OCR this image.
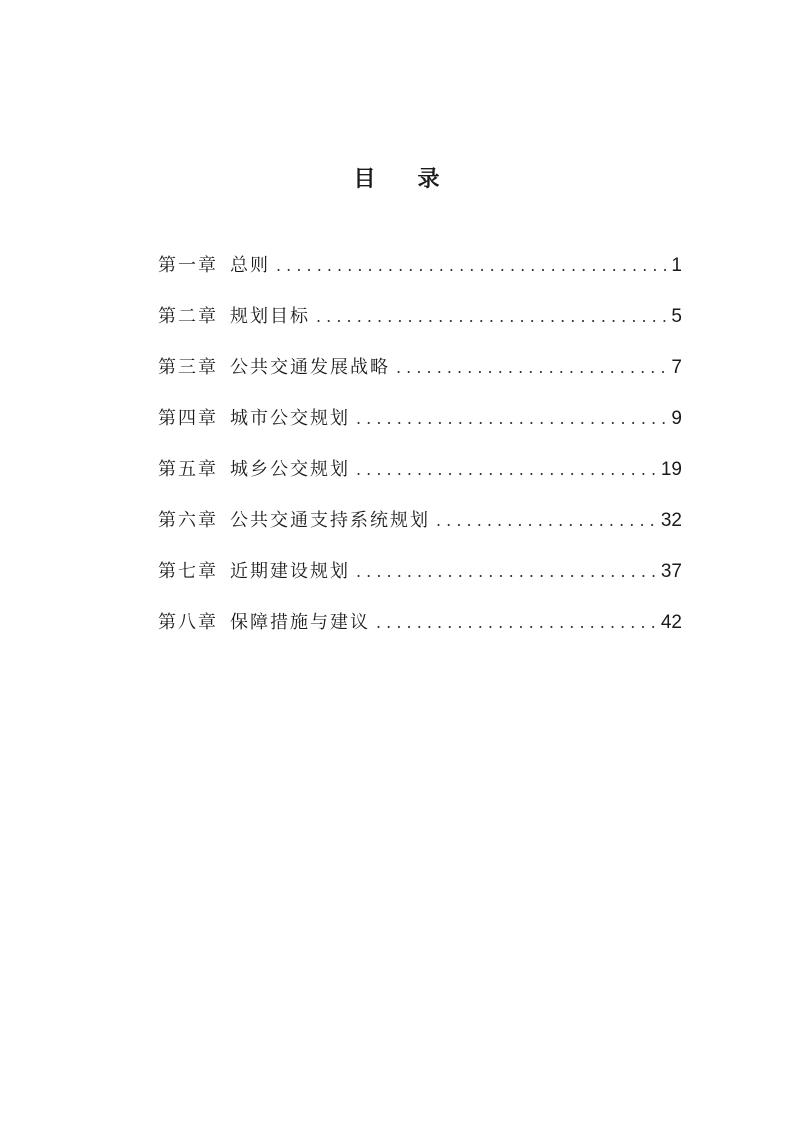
目 录
第一章 总则 . . .	1
第二章 规划目标 . . .	5
第三章 公共交通发展战略 . . .	7
第四章 城市公交规划 . . .	9
第五章 城乡公交规划 . . .	19
第六章 公共交通支持系统规划 . . .	32
第七章 近期建设规划 . . .	37
第八章 保障措施与建议 . . .	42
